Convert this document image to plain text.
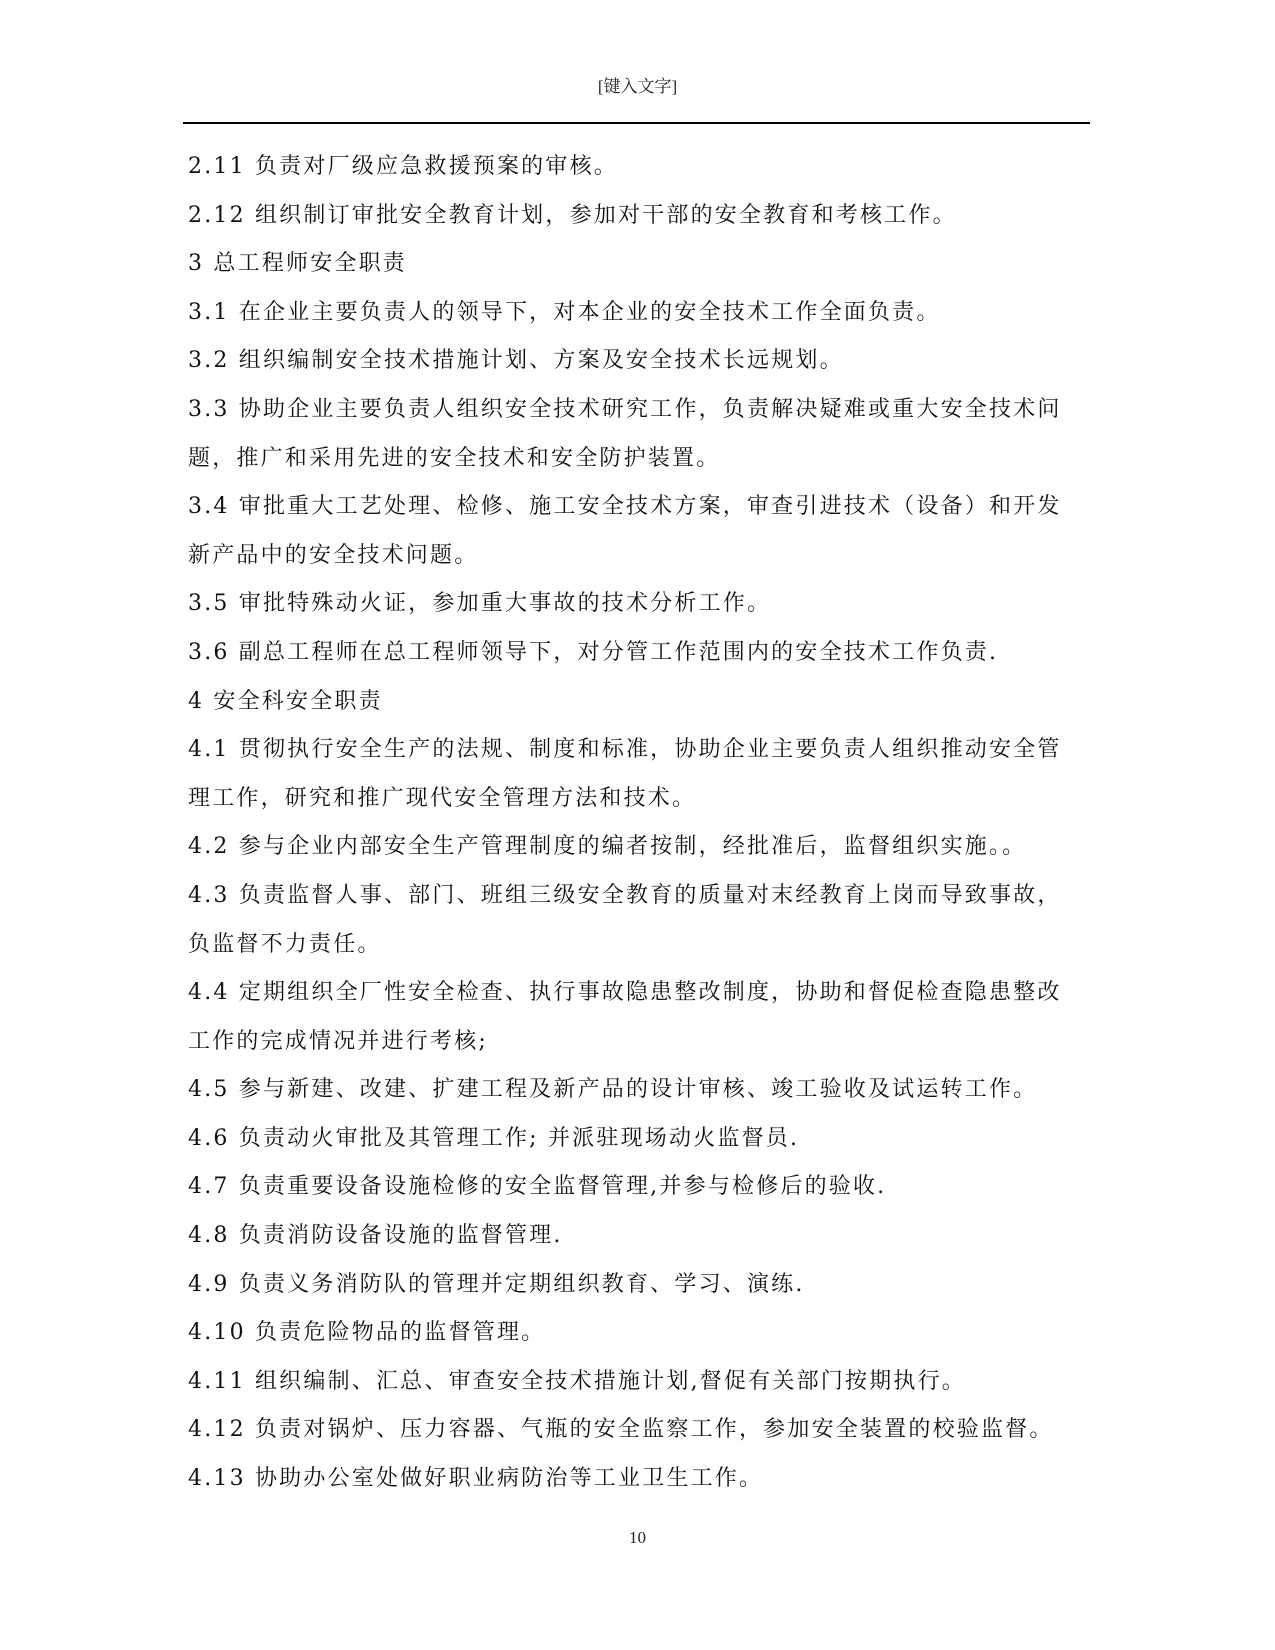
[键入文字]
2.11 负责对厂级应急救援预案的审核。
2.12 组织制订审批安全教育计划，参加对干部的安全教育和考核工作。
3 总工程师安全职责
3.1 在企业主要负责人的领导下，对本企业的安全技术工作全面负责。
3.2 组织编制安全技术措施计划、方案及安全技术长远规划。
3.3 协助企业主要负责人组织安全技术研究工作，负责解决疑难或重大安全技术问
题，推广和采用先进的安全技术和安全防护装置。
3.4 审批重大工艺处理、检修、施工安全技术方案，审查引进技术（设备）和开发
新产品中的安全技术问题。
3.5 审批特殊动火证，参加重大事故的技术分析工作。
3.6 副总工程师在总工程师领导下，对分管工作范围内的安全技术工作负责.
4 安全科安全职责
4.1 贯彻执行安全生产的法规、制度和标准，协助企业主要负责人组织推动安全管
理工作，研究和推广现代安全管理方法和技术。
4.2 参与企业内部安全生产管理制度的编者按制，经批准后，监督组织实施。。
4.3 负责监督人事、部门、班组三级安全教育的质量对末经教育上岗而导致事故，
负监督不力责任。
4.4 定期组织全厂性安全检查、执行事故隐患整改制度，协助和督促检查隐患整改
工作的完成情况并进行考核;
4.5 参与新建、改建、扩建工程及新产品的设计审核、竣工验收及试运转工作。
4.6 负责动火审批及其管理工作; 并派驻现场动火监督员.
4.7 负责重要设备设施检修的安全监督管理,并参与检修后的验收.
4.8 负责消防设备设施的监督管理.
4.9 负责义务消防队的管理并定期组织教育、学习、演练.
4.10 负责危险物品的监督管理。
4.11 组织编制、汇总、审查安全技术措施计划,督促有关部门按期执行。
4.12 负责对锅炉、压力容器、气瓶的安全监察工作，参加安全装置的校验监督。
4.13 协助办公室处做好职业病防治等工业卫生工作。
10
